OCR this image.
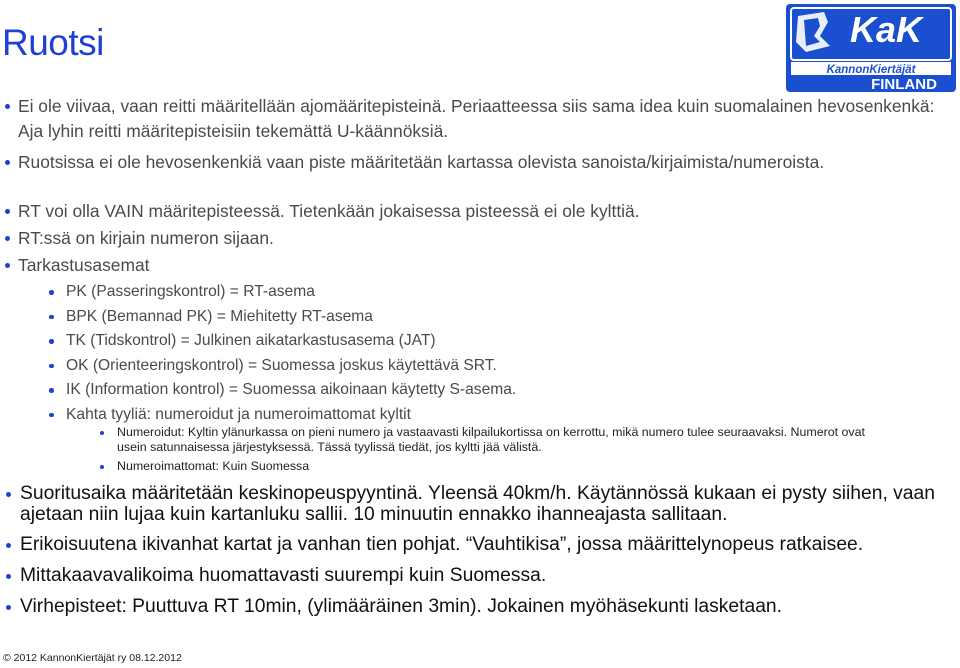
Ruotsi	KaK
KannonKiertäjät
FINLAND
Ei ole viivaa, vaan reitti määritellään ajomääritepisteinä. Periaatteessa siis sama idea kuin suomalainen hevosenkenkä: Aja lyhin reitti määritepisteisiin tekemättä U-käännöksiä.
Ruotsissa ei ole hevosenkenkiä vaan piste määritetään kartassa olevista sanoista/kirjaimista/numeroista.
RT voi olla VAIN määritepisteessä. Tietenkään jokaisessa pisteessä ei ole kylttiä.
RT:ssä on kirjain numeron sijaan.
Tarkastusasemat
PK (Passeringskontrol) = RT-asema
BPK (Bemannad PK) = Miehitetty RT-asema
TK (Tidskontrol) = Julkinen aikatarkastusasema (JAT)
OK (Orienteeringskontrol) = Suomessa joskus käytettävä SRT.
IK (Information kontrol) = Suomessa aikoinaan käytetty S-asema.
Kahta tyyliä: numeroidut ja numeroimattomat kyltit
Numeroidut: Kyltin ylänurkassa on pieni numero ja vastaavasti kilpailukortissa on kerrottu, mikä numero tulee seuraavaksi. Numerot ovat usein satunnaisessa järjestyksessä. Tässä tyylissä tiedät, jos kyltti jää välistä.
Numeroimattomat: Kuin Suomessa
Suoritusaika määritetään keskinopeuspyyntinä. Yleensä 40km/h. Käytännössä kukaan ei pysty siihen, vaan ajetaan niin lujaa kuin kartanluku sallii. 10 minuutin ennakko ihanneajasta sallitaan.
Erikoisuutena ikivanhat kartat ja vanhan tien pohjat. “Vauhtikisa”, jossa määrittelynopeus ratkaisee.
Mittakaavavalikoima huomattavasti suurempi kuin Suomessa.
Virhepisteet: Puuttuva RT 10min, (ylimääräinen 3min). Jokainen myöhäsekunti lasketaan.
© 2012 KannonKiertäjät ry 08.12.2012
